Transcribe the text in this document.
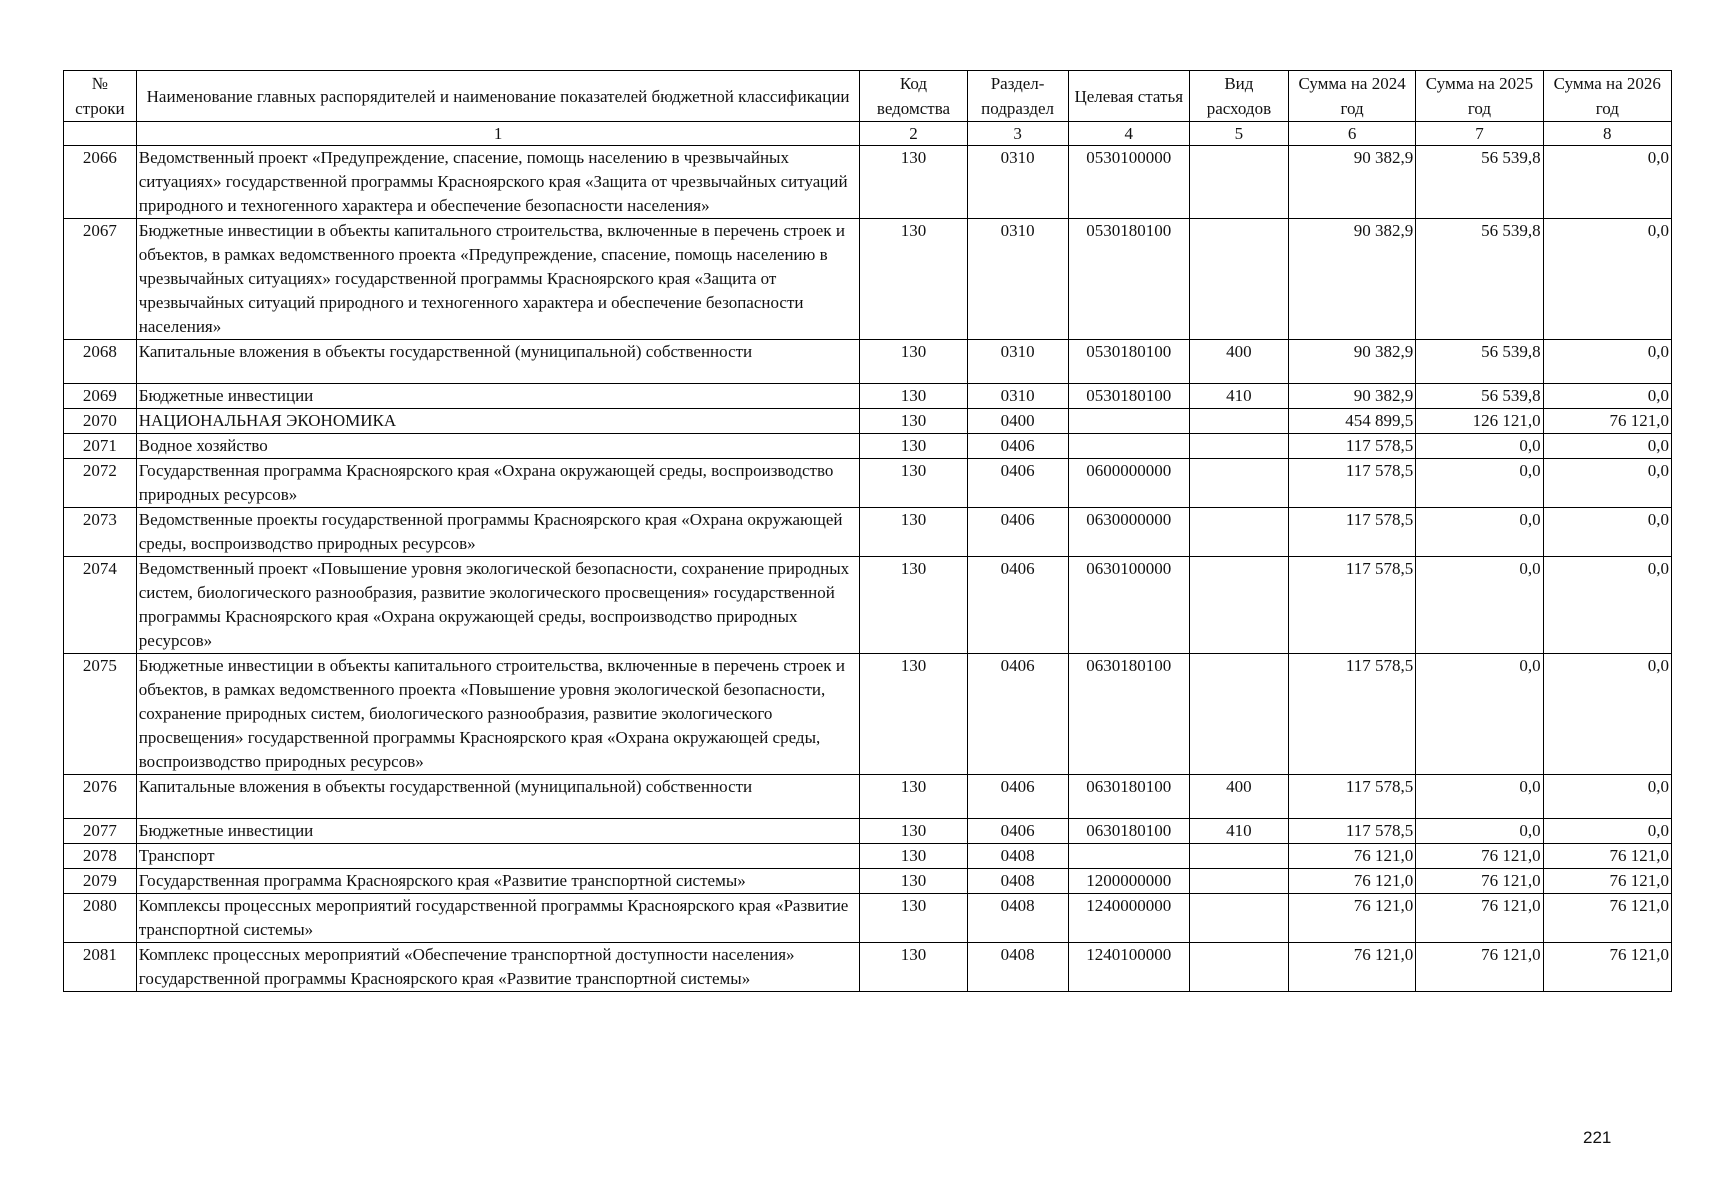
№ строки	Наименование главных распорядителей и наименование показателей бюджетной классификации	Код ведомства	Раздел-подраздел	Целевая статья	Вид расходов	Сумма на 2024 год	Сумма на 2025 год	Сумма на 2026 год
	1	2	3	4	5	6	7	8
2066	Ведомственный проект «Предупреждение, спасение, помощь населению в чрезвычайных ситуациях» государственной программы Красноярского края «Защита от чрезвычайных ситуаций природного и техногенного характера и обеспечение безопасности населения»	130	0310	0530100000		90 382,9	56 539,8	0,0
2067	Бюджетные инвестиции в объекты капитального строительства, включенные в перечень строек и объектов, в рамках ведомственного проекта «Предупреждение, спасение, помощь населению в чрезвычайных ситуациях» государственной программы Красноярского края «Защита от чрезвычайных ситуаций природного и техногенного характера и обеспечение безопасности населения»	130	0310	0530180100		90 382,9	56 539,8	0,0
2068	Капитальные вложения в объекты государственной (муниципальной) собственности	130	0310	0530180100	400	90 382,9	56 539,8	0,0
2069	Бюджетные инвестиции	130	0310	0530180100	410	90 382,9	56 539,8	0,0
2070	НАЦИОНАЛЬНАЯ ЭКОНОМИКА	130	0400			454 899,5	126 121,0	76 121,0
2071	Водное хозяйство	130	0406			117 578,5	0,0	0,0
2072	Государственная программа Красноярского края «Охрана окружающей среды, воспроизводство природных ресурсов»	130	0406	0600000000		117 578,5	0,0	0,0
2073	Ведомственные проекты государственной программы Красноярского края «Охрана окружающей среды, воспроизводство природных ресурсов»	130	0406	0630000000		117 578,5	0,0	0,0
2074	Ведомственный проект «Повышение уровня экологической безопасности, сохранение природных систем, биологического разнообразия, развитие экологического просвещения» государственной программы Красноярского края «Охрана окружающей среды, воспроизводство природных ресурсов»	130	0406	0630100000		117 578,5	0,0	0,0
2075	Бюджетные инвестиции в объекты капитального строительства, включенные в перечень строек и объектов, в рамках ведомственного проекта «Повышение уровня экологической безопасности, сохранение природных систем, биологического разнообразия, развитие экологического просвещения» государственной программы Красноярского края «Охрана окружающей среды, воспроизводство природных ресурсов»	130	0406	0630180100		117 578,5	0,0	0,0
2076	Капитальные вложения в объекты государственной (муниципальной) собственности	130	0406	0630180100	400	117 578,5	0,0	0,0
2077	Бюджетные инвестиции	130	0406	0630180100	410	117 578,5	0,0	0,0
2078	Транспорт	130	0408			76 121,0	76 121,0	76 121,0
2079	Государственная программа Красноярского края «Развитие транспортной системы»	130	0408	1200000000		76 121,0	76 121,0	76 121,0
2080	Комплексы процессных мероприятий государственной программы Красноярского края «Развитие транспортной системы»	130	0408	1240000000		76 121,0	76 121,0	76 121,0
2081	Комплекс процессных мероприятий «Обеспечение транспортной доступности населения» государственной программы Красноярского края «Развитие транспортной системы»	130	0408	1240100000		76 121,0	76 121,0	76 121,0
221
